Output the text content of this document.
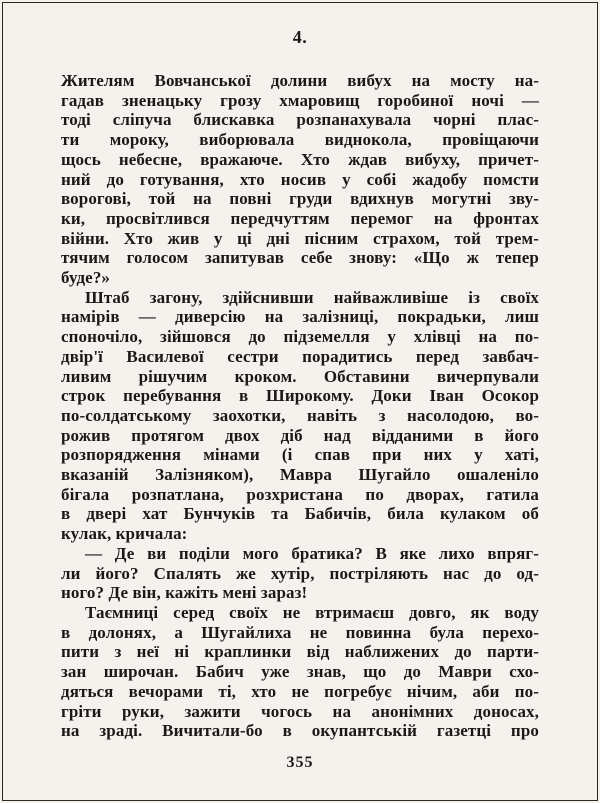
4.
Жителям Вовчанської долини вибух на мосту на-
гадав зненацьку грозу хмаровищ горобиної ночі —
тоді сліпуча блискавка розпанахувала чорні плас-
ти мороку, виборювала виднокола, провіщаючи
щось небесне, вражаюче. Хто ждав вибуху, причет-
ний до готування, хто носив у собі жадобу помсти
ворогові, той на повні груди вдихнув могутні зву-
ки, просвітлився передчуттям перемог на фронтах
війни. Хто жив у ці дні пісним страхом, той трем-
тячим голосом запитував себе знову: «Що ж тепер
буде?»
Штаб загону, здійснивши найважливіше із своїх
намірів — диверсію на залізниці, покрадьки, лиш
споночіло, зійшовся до підземелля у хлівці на по-
двір'ї Василевої сестри порадитись перед завбач-
ливим рішучим кроком. Обставини вичерпували
строк перебування в Широкому. Доки Іван Осокор
по-солдатському заохотки, навіть з насолодою, во-
рожив протягом двох діб над відданими в його
розпорядження мінами (і спав при них у хаті,
вказаній Залізняком), Мавра Шугайло ошаленіло
бігала розпатлана, розхристана по дворах, гатила
в двері хат Бунчуків та Бабичів, била кулаком об
кулак, кричала:
— Де ви поділи мого братика? В яке лихо впряг-
ли його? Спалять же хутір, постріляють нас до од-
ного? Де він, кажіть мені зараз!
Таємниці серед своїх не втримаєш довго, як воду
в долонях, а Шугайлиха не повинна була перехо-
пити з неї ні краплинки від наближених до парти-
зан широчан. Бабич уже знав, що до Маври схо-
дяться вечорами ті, хто не погребує нічим, аби по-
гріти руки, зажити чогось на анонімних доносах,
на зраді. Вичитали-бо в окупантській газетці про
355
